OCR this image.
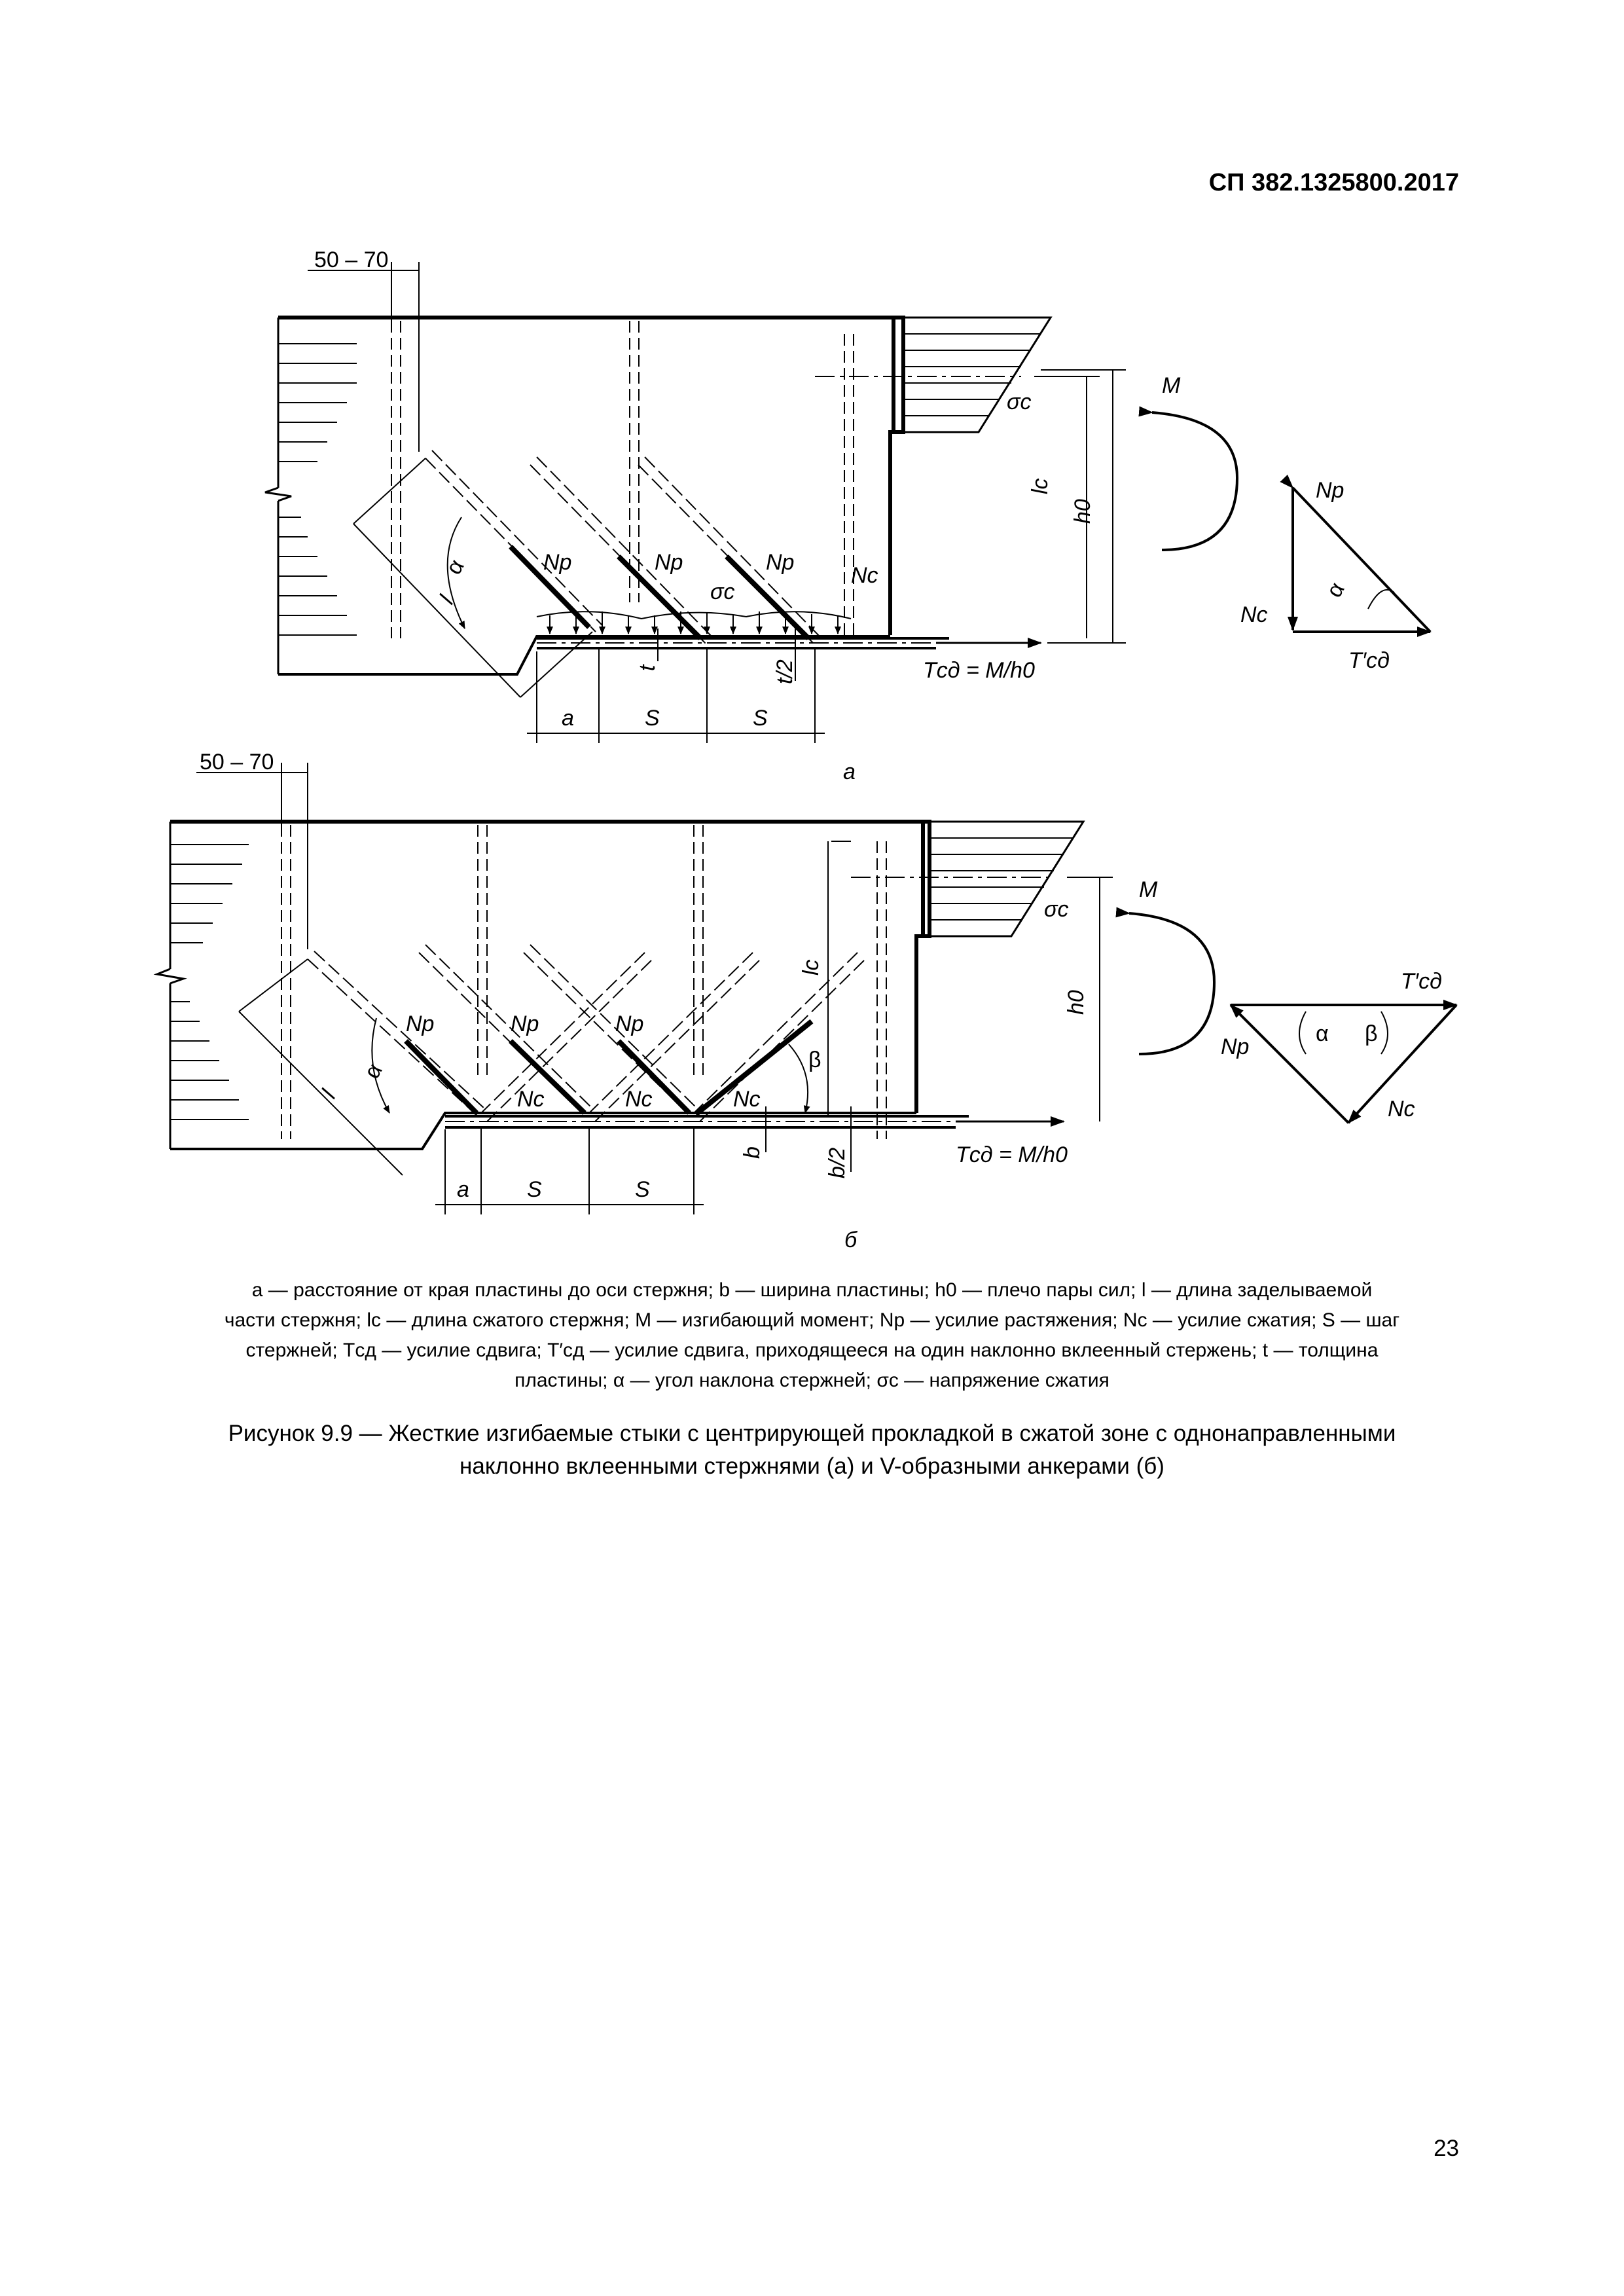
СП 382.1325800.2017
50 – 70
σс
lс
h0
M
Np
Nс
T′сд
α
Np	Np	Np
Nс
σс
α
l
t	t/2	Tсд = M/h0
a	S	S
а
50 – 70
σс
lс
h0
M
T′сд
Np
Nс
α β
Np	Np	Np
Nс	Nс	Nс
α	β
l
b	b/2	Tсд = M/h0
a	S	S
б
а — расстояние от края пластины до оси стержня; b — ширина пластины; h0 — плечо пары сил; l — длина заделываемой
части стержня; lс — длина сжатого стержня; M — изгибающий момент; Np — усилие растяжения; Nс — усилие сжатия; S — шаг
стержней; Tсд — усилие сдвига; T′сд — усилие сдвига, приходящееся на один наклонно вклеенный стержень; t — толщина
пластины; α — угол наклона стержней; σс — напряжение сжатия
Рисунок 9.9 — Жесткие изгибаемые стыки с центрирующей прокладкой в сжатой зоне с однонаправленными
наклонно вклеенными стержнями (а) и V-образными анкерами (б)
23
